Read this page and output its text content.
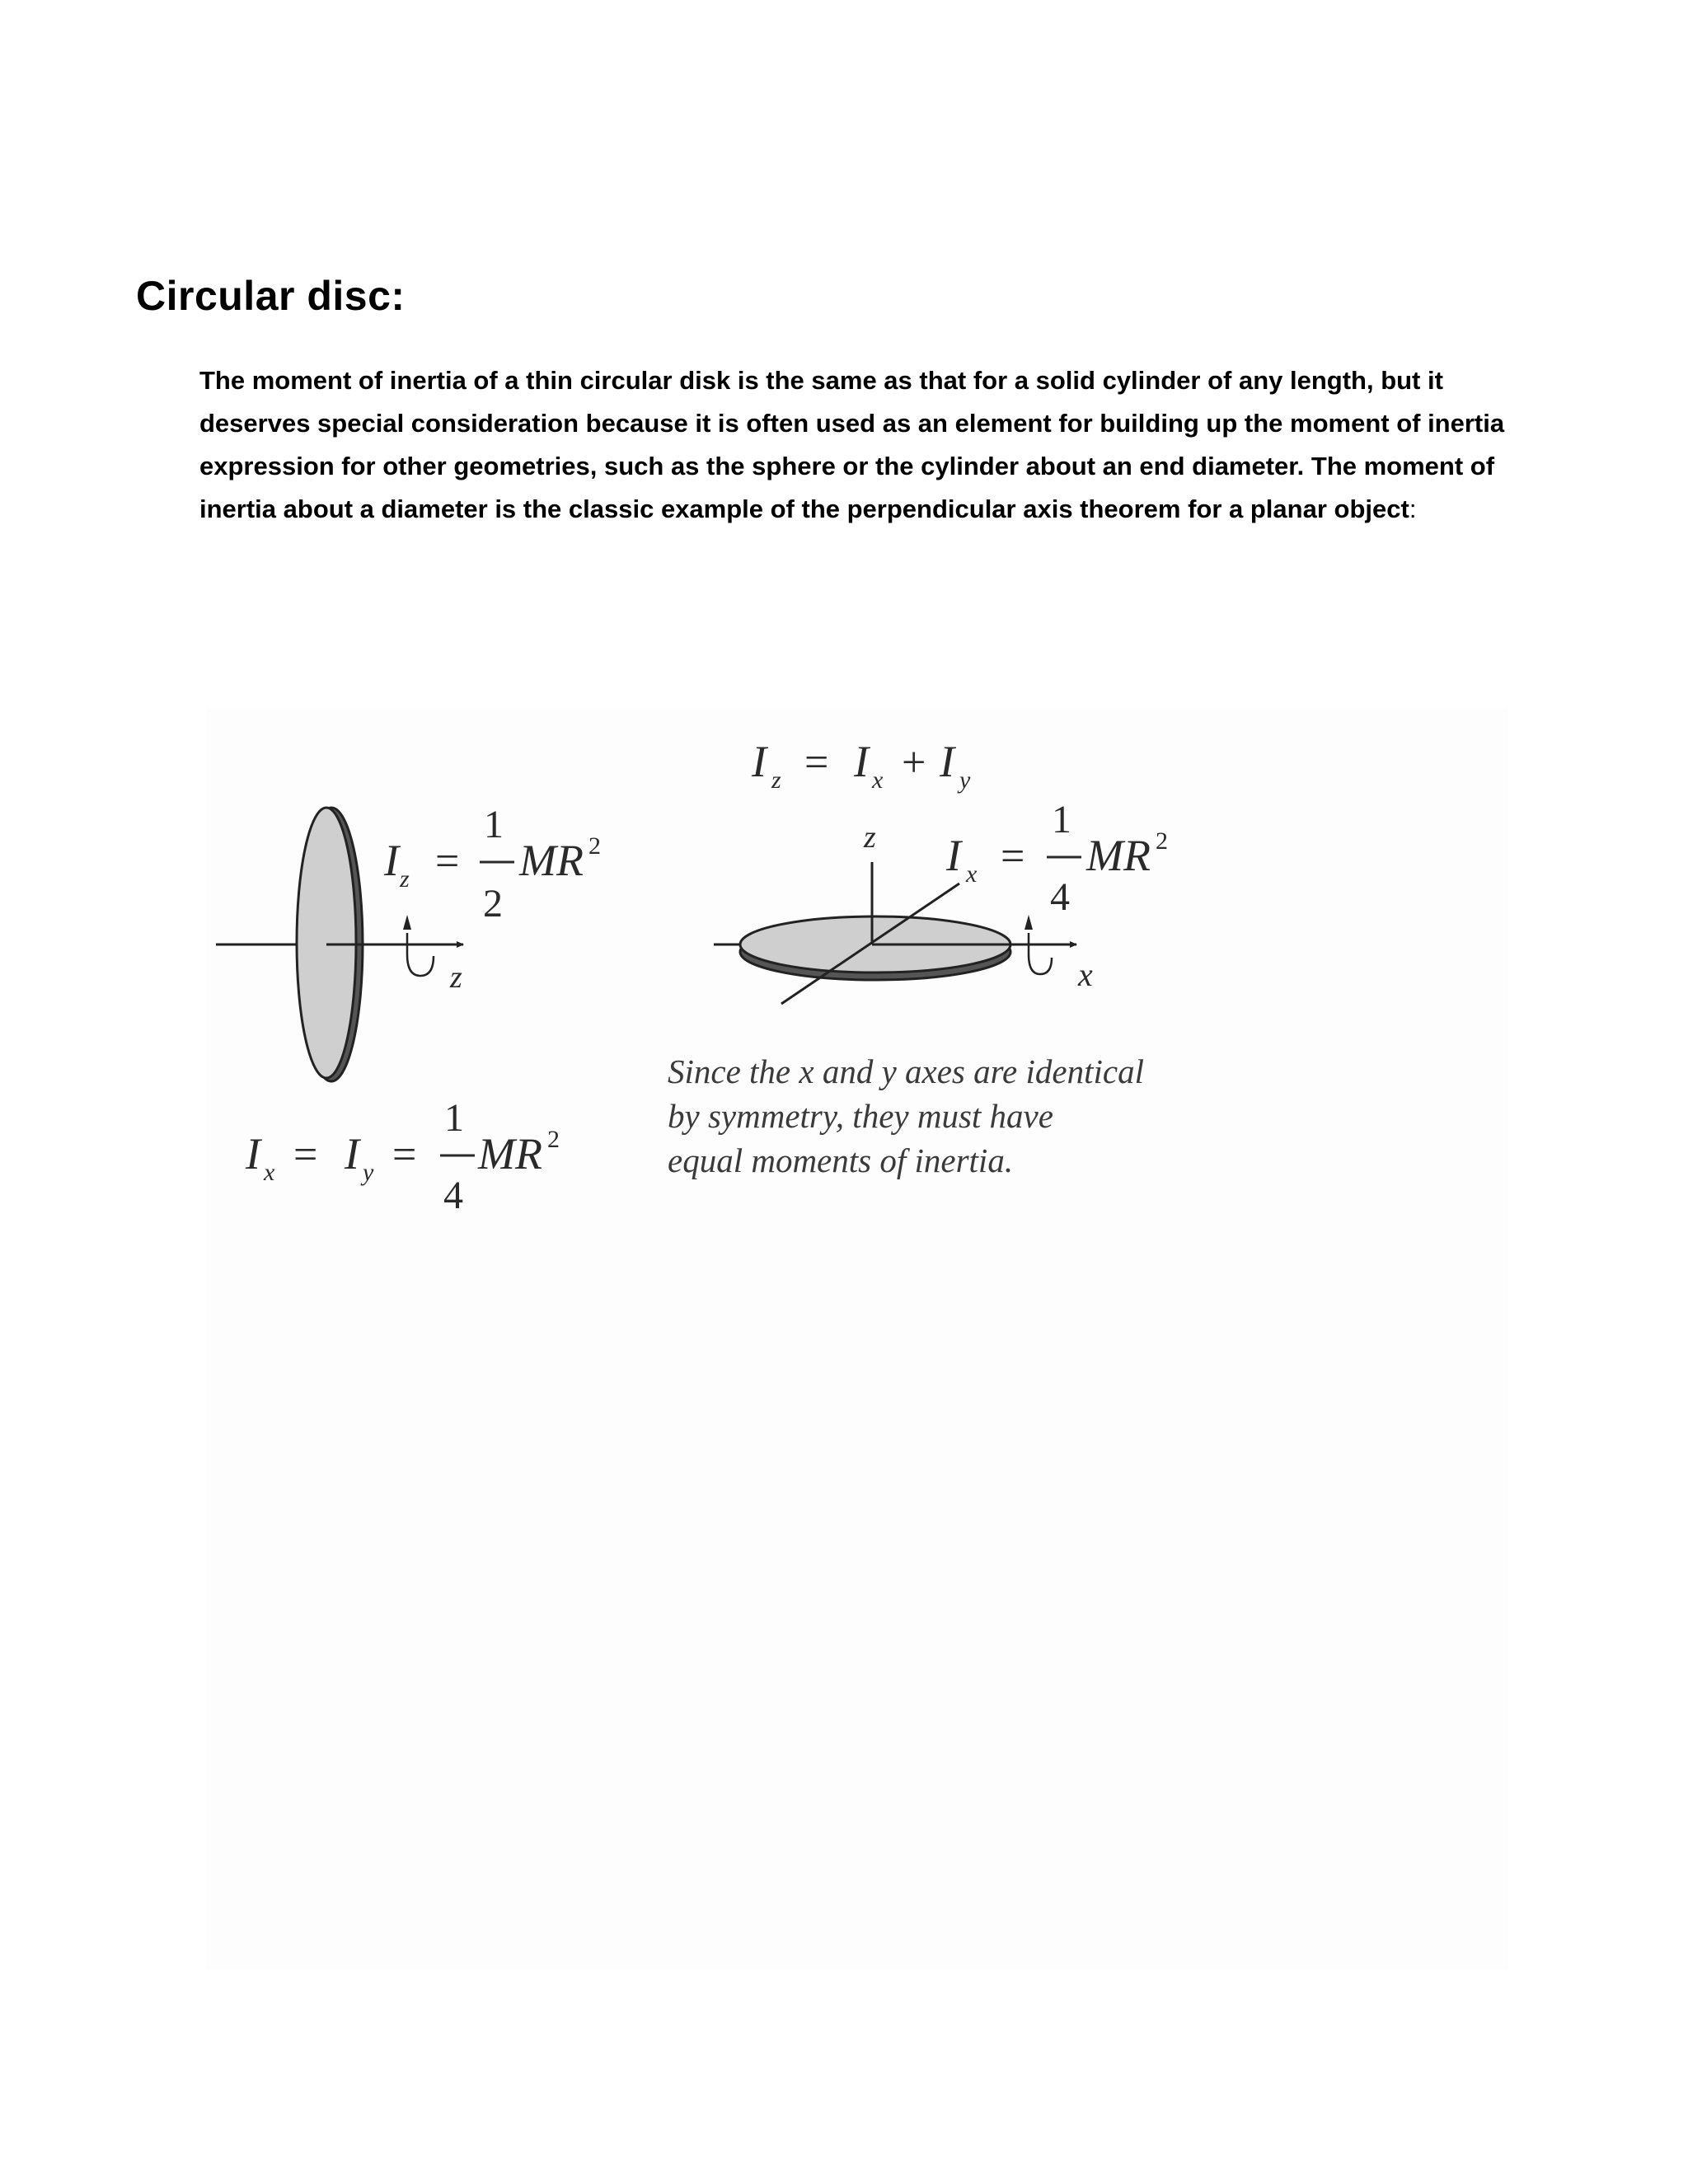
Circular disc:

The moment of inertia of a thin circular disk is the same as that for a solid cylinder of any length, but it deserves special consideration because it is often used as an element for building up the moment of inertia expression for other geometries, such as the sphere or the cylinder about an end diameter. The moment of inertia about a diameter is the classic example of the perpendicular axis theorem for a planar object:

z
I z =
1
2
MR 2
I x = I y =
1
4
MR 2
I z = I x + I y
z
x
I x =
1
4
MR 2
Since the x and y axes are identical
by symmetry, they must have
equal moments of inertia.
